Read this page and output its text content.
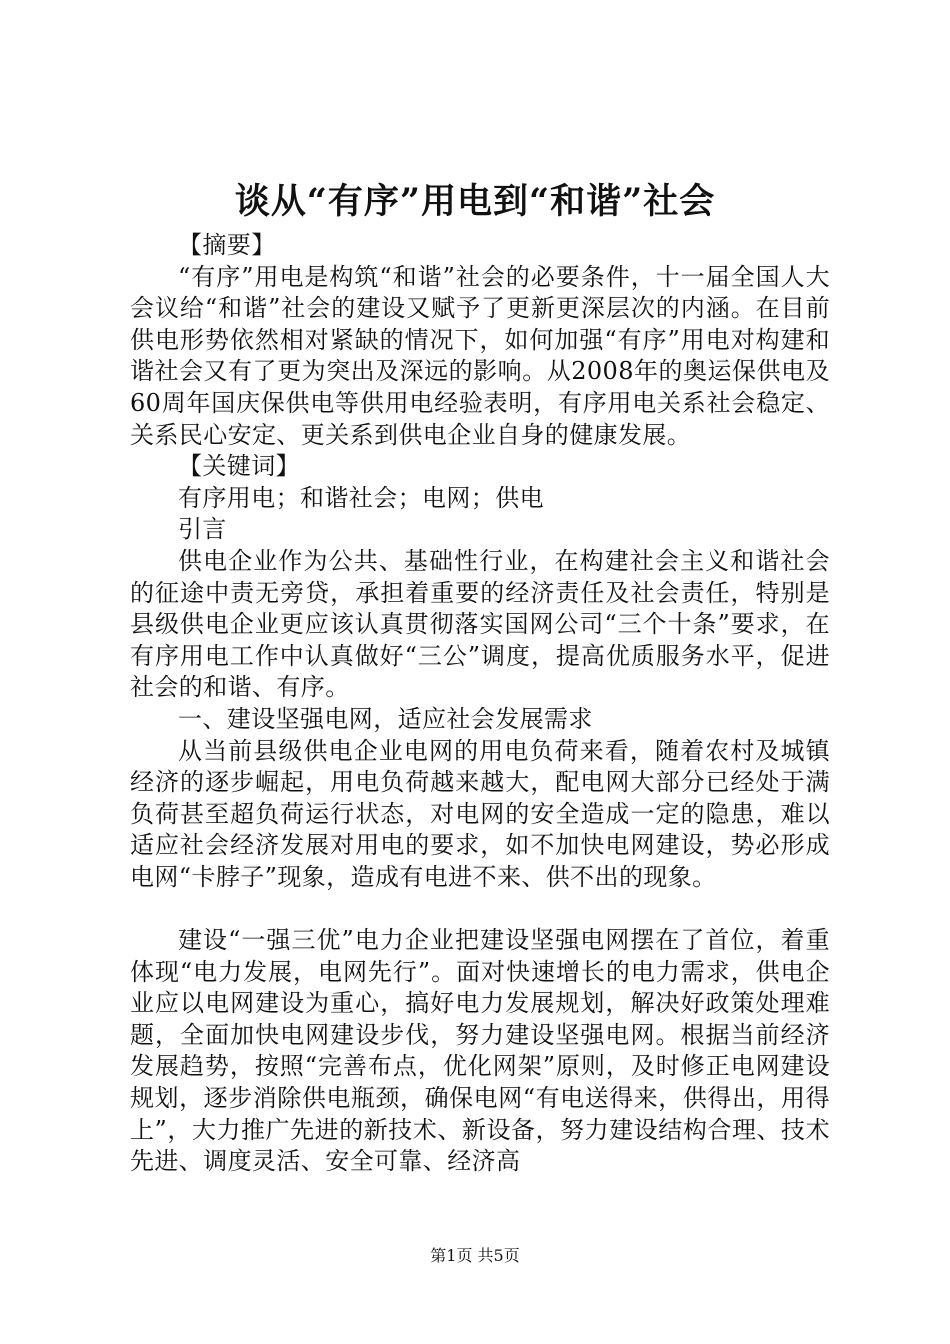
谈从“有序”用电到“和谐”社会

【摘要】

“有序”用电是构筑“和谐”社会的必要条件，十一届全国人大会议给“和谐”社会的建设又赋予了更新更深层次的内涵。在目前供电形势依然相对紧缺的情况下，如何加强“有序”用电对构建和谐社会又有了更为突出及深远的影响。从2008年的奥运保供电及60周年国庆保供电等供用电经验表明，有序用电关系社会稳定、关系民心安定、更关系到供电企业自身的健康发展。

【关键词】

有序用电；和谐社会；电网；供电

引言

供电企业作为公共、基础性行业，在构建社会主义和谐社会的征途中责无旁贷，承担着重要的经济责任及社会责任，特别是县级供电企业更应该认真贯彻落实国网公司“三个十条”要求，在有序用电工作中认真做好“三公”调度，提高优质服务水平，促进社会的和谐、有序。

一、建设坚强电网，适应社会发展需求

从当前县级供电企业电网的用电负荷来看，随着农村及城镇经济的逐步崛起，用电负荷越来越大，配电网大部分已经处于满负荷甚至超负荷运行状态，对电网的安全造成一定的隐患，难以适应社会经济发展对用电的要求，如不加快电网建设，势必形成电网“卡脖子”现象，造成有电进不来、供不出的现象。

建设“一强三优”电力企业把建设坚强电网摆在了首位，着重体现“电力发展，电网先行”。面对快速增长的电力需求，供电企业应以电网建设为重心，搞好电力发展规划，解决好政策处理难题，全面加快电网建设步伐，努力建设坚强电网。根据当前经济发展趋势，按照“完善布点，优化网架”原则，及时修正电网建设规划，逐步消除供电瓶颈，确保电网“有电送得来，供得出，用得上”，大力推广先进的新技术、新设备，努力建设结构合理、技术先进、调度灵活、安全可靠、经济高

第1页 共5页
